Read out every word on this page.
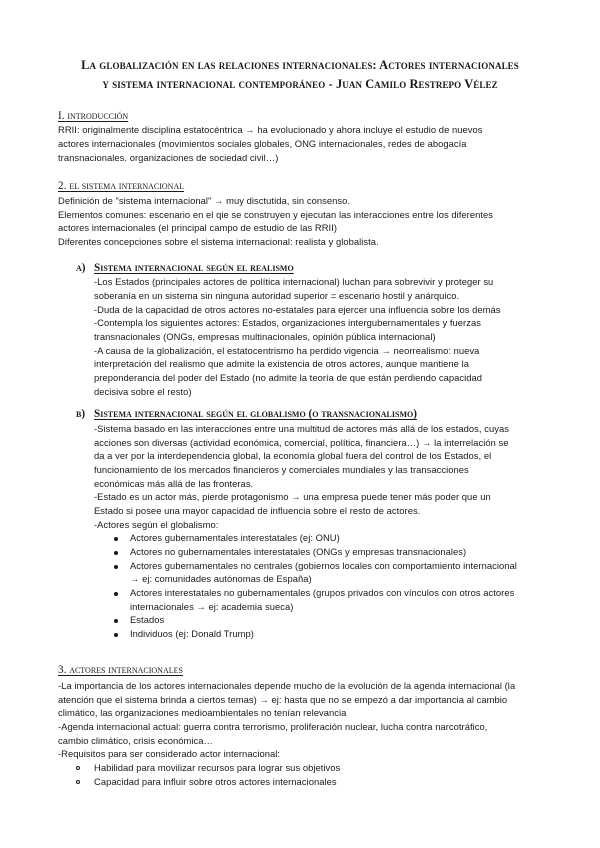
La globalización en las relaciones internacionales: Actores internacionales
y sistema internacional contemporáneo - Juan Camilo Restrepo Vélez
I. introducción
RRII: originalmente disciplina estatocéntrica → ha evolucionado y ahora incluye el estudio de nuevos
actores internacionales (movimientos sociales globales, ONG internacionales, redes de abogacía
transnacionales. organizaciones de sociedad civil…)
2. el sistema internacional
Definición de "sistema internacional" → muy disctutida, sin consenso.
Elementos comunes: escenario en el qie se construyen y ejecutan las interacciones entre los diferentes
actores internacionales (el principal campo de estudio de las RRII)
Diferentes concepciones sobre el sistema internacional: realista y globalista.
a) Sistema internacional según el realismo
-Los Estados (principales actores de política internacional) luchan para sobrevivir y proteger su
soberanía en un sistema sin ninguna autoridad superior = escenario hostil y anárquico.
-Duda de la capacidad de otros actores no-estatales para ejercer una influencia sobre los demás
-Contempla los siguientes actores: Estados, organizaciones intergubernamentales y fuerzas
transnacionales (ONGs, empresas multinacionales, opinión pública internacional)
-A causa de la globalización, el estatocentrismo ha perdido vigencia → neorrealismo: nueva
interpretación del realismo que admite la existencia de otros actores, aunque mantiene la
preponderancia del poder del Estado (no admite la teoría de que están perdiendo capacidad
decisiva sobre el resto)
b) Sistema internacional según el globalismo (o transnacionalismo)
-Sistema basado en las interacciones entre una multitud de actores más allá de los estados, cuyas
acciones son diversas (actividad económica, comercial, política, financiera…) → la interrelación se
da a ver por la interdependencia global, la economía global fuera del control de los Estados, el
funcionamiento de los mercados financieros y comerciales mundiales y las transacciones
económicas más allá de las fronteras.
-Estado es un actor más, pierde protagonismo → una empresa puede tener más poder que un
Estado si posee una mayor capacidad de influencia sobre el resto de actores.
-Actores según el globalismo:
Actores gubernamentales interestatales (ej: ONU)
Actores no gubernamentales interestatales (ONGs y empresas transnacionales)
Actores gubernamentales no centrales (gobiernos locales con comportamiento internacional
→ ej: comunidades autónomas de España)
Actores interestatales no gubernamentales (grupos privados con vínculos con otros actores
internacionales → ej: academia sueca)
Estados
Individuos (ej: Donald Trump)
3. actores internacionales
-La importancia de los actores internacionales depende mucho de la evolución de la agenda internacional (la
atención que el sistema brinda a ciertos temas) → ej: hasta que no se empezó a dar importancia al cambio
climático, las organizaciones medioambientales no tenían relevancia
-Agenda internacional actual: guerra contra terrorismo, proliferación nuclear, lucha contra narcotráfico,
cambio climático, crisis económica…
-Requisitos para ser considerado actor internacional:
Habilidad para movilizar recursos para lograr sus objetivos
Capacidad para influir sobre otros actores internacionales
